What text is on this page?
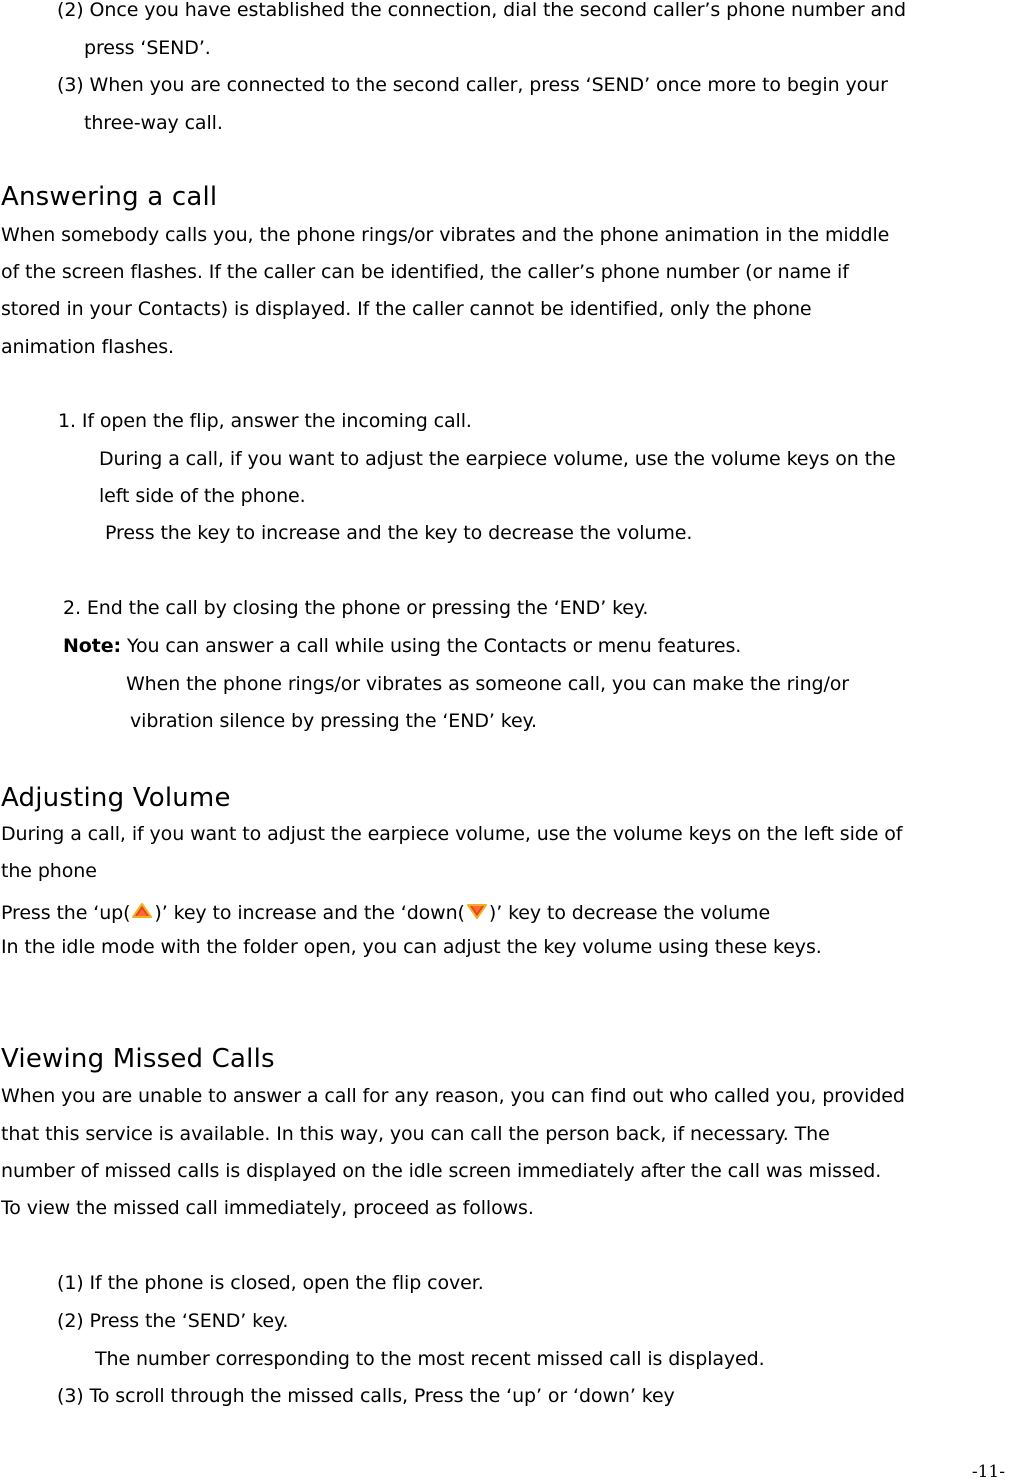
(2) Once you have established the connection, dial the second caller’s phone number and
press ‘SEND’.
(3) When you are connected to the second caller, press ‘SEND’ once more to begin your
three-way call.
Answering a call
When somebody calls you, the phone rings/or vibrates and the phone animation in the middle
of the screen flashes. If the caller can be identified, the caller’s phone number (or name if
stored in your Contacts) is displayed. If the caller cannot be identified, only the phone
animation flashes.
1. If open the flip, answer the incoming call.
During a call, if you want to adjust the earpiece volume, use the volume keys on the
left side of the phone.
Press the key to increase and the key to decrease the volume.
2. End the call by closing the phone or pressing the ‘END’ key.
Note: You can answer a call while using the Contacts or menu features.
When the phone rings/or vibrates as someone call, you can make the ring/or
vibration silence by pressing the ‘END’ key.
Adjusting Volume
During a call, if you want to adjust the earpiece volume, use the volume keys on the left side of
the phone
Press the ‘up( )’ key to increase and the ‘down( )’ key to decrease the volume
In the idle mode with the folder open, you can adjust the key volume using these keys.
Viewing Missed Calls
When you are unable to answer a call for any reason, you can find out who called you, provided
that this service is available. In this way, you can call the person back, if necessary. The
number of missed calls is displayed on the idle screen immediately after the call was missed.
To view the missed call immediately, proceed as follows.
(1) If the phone is closed, open the flip cover.
(2) Press the ‘SEND’ key.
The number corresponding to the most recent missed call is displayed.
(3) To scroll through the missed calls, Press the ‘up’ or ‘down’ key
-11-
